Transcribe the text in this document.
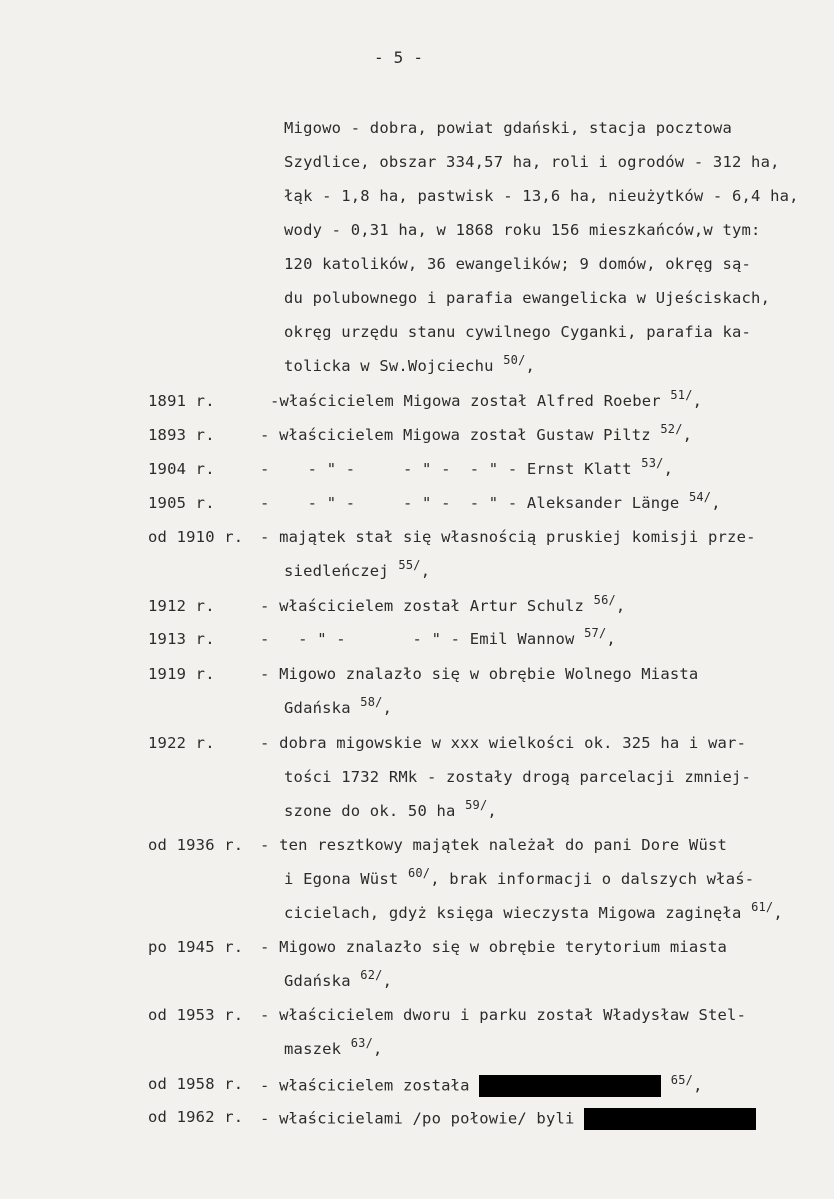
- 5 -
Migowo - dobra, powiat gdański, stacja pocztowa
Szydlice, obszar 334,57 ha, roli i ogrodów - 312 ha,
łąk - 1,8 ha, pastwisk - 13,6 ha, nieużytków - 6,4 ha,
wody - 0,31 ha, w 1868 roku 156 mieszkańców,w tym:
120 katolików, 36 ewangelików; 9 domów, okręg są-
du polubownego i parafia ewangelicka w Ujeściskach,
okręg urzędu stanu cywilnego Cyganki, parafia ka-
tolicka w Sw.Wojciechu $^{50/}$,
1891 r.	-właścicielem Migowa został Alfred Roeber $^{51/}$,
1893 r.	- właścicielem Migowa został Gustaw Piltz $^{52/}$,
1904 r.	-    - " -     - " -  - " - Ernst Klatt $^{53/}$,
1905 r.	-    - " -     - " -  - " - Aleksander Länge $^{54/}$,
od 1910 r. - majątek stał się własnością pruskiej komisji prze-
siedleńczej $^{55/}$,
1912 r.	- właścicielem został Artur Schulz $^{56/}$,
1913 r.	-   - " -       - " - Emil Wannow $^{57/}$,
1919 r.	- Migowo znalazło się w obrębie Wolnego Miasta
Gdańska $^{58/}$,
1922 r.	- dobra migowskie w xxx wielkości ok. 325 ha i war-
tości 1732 RMk - zostały drogą parcelacji zmniej-
szone do ok. 50 ha $^{59/}$,
od 1936 r. - ten resztkowy majątek należał do pani Dore Wüst
i Egona Wüst $^{60/}$, brak informacji o dalszych właś-
cicielach, gdyż księga wieczysta Migowa zaginęła $^{61/}$,
po 1945 r. - Migowo znalazło się w obrębie terytorium miasta
Gdańska $^{62/}$,
od 1953 r. - właścicielem dworu i parku został Władysław Stel-
maszek $^{63/}$,
od 1958 r. - właścicielem została	$^{65/}$,
od 1962 r. - właścicielami /po połowie/ byli
